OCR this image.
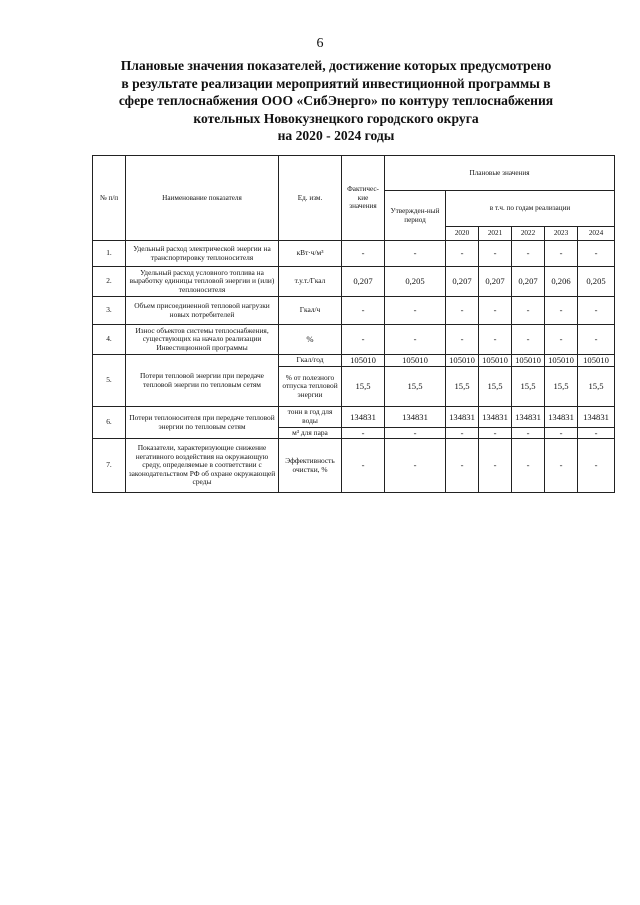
6
Плановые значения показателей, достижение которых предусмотрено
в результате реализации мероприятий инвестиционной программы в
сфере теплоснабжения ООО «СибЭнерго» по контуру теплоснабжения
котельных Новокузнецкого городского округа
на 2020 - 2024 годы
№ п/п	Наименование показателя	Ед. изм.	Фактичес-кие значения	Плановые значения					
				Утвержден-ный период	в т.ч. по годам реализации				
					2020	2021	2022	2023	2024
1.	Удельный расход электрической энергии на транспортировку теплоносителя	кВт·ч/м³	-	-	-	-	-	-	-
2.	Удельный расход условного топлива на выработку единицы тепловой энергии и (или) теплоносителя	т.у.т./Гкал	0,207	0,205	0,207	0,207	0,207	0,206	0,205
3.	Объем присоединенной тепловой нагрузки новых потребителей	Гкал/ч	-	-	-	-	-	-	-
4.	Износ объектов системы теплоснабжения, существующих на начало реализации Инвестиционной программы	%	-	-	-	-	-	-	-
5.	Потери тепловой энергии при передаче тепловой энергии по тепловым сетям	Гкал/год	105010	105010	105010	105010	105010	105010	105010
		% от полезного отпуска тепловой энергии	15,5	15,5	15,5	15,5	15,5	15,5	15,5
6.	Потери теплоносителя при передаче тепловой энергии по тепловым сетям	тонн в год для воды	134831	134831	134831	134831	134831	134831	134831
		м³ для пара	-	-	-	-	-	-	-
7.	Показатели, характеризующие снижение негативного воздействия на окружающую среду, определяемые в соответствии с законодательством РФ об охране окружающей среды	Эффективность очистки, %	-	-	-	-	-	-	-
